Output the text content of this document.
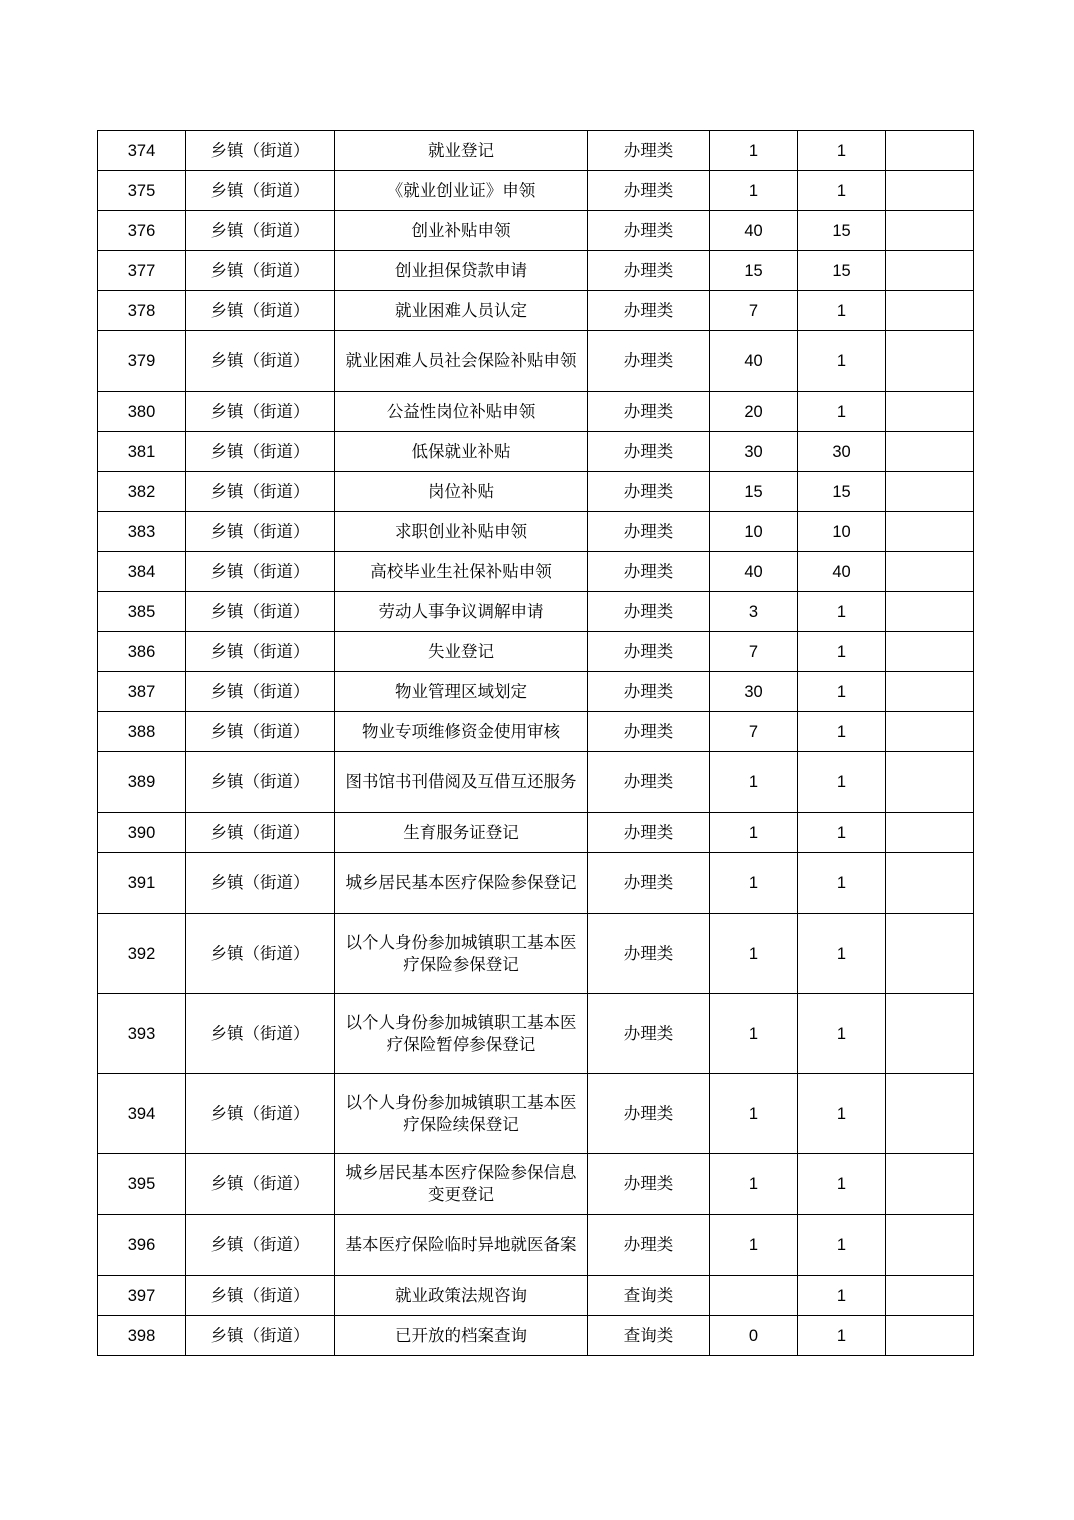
374	乡镇（街道）	就业登记	办理类	1	1	
375	乡镇（街道）	《就业创业证》申领	办理类	1	1	
376	乡镇（街道）	创业补贴申领	办理类	40	15	
377	乡镇（街道）	创业担保贷款申请	办理类	15	15	
378	乡镇（街道）	就业困难人员认定	办理类	7	1	
379	乡镇（街道）	就业困难人员社会保险补贴申领	办理类	40	1	
380	乡镇（街道）	公益性岗位补贴申领	办理类	20	1	
381	乡镇（街道）	低保就业补贴	办理类	30	30	
382	乡镇（街道）	岗位补贴	办理类	15	15	
383	乡镇（街道）	求职创业补贴申领	办理类	10	10	
384	乡镇（街道）	高校毕业生社保补贴申领	办理类	40	40	
385	乡镇（街道）	劳动人事争议调解申请	办理类	3	1	
386	乡镇（街道）	失业登记	办理类	7	1	
387	乡镇（街道）	物业管理区域划定	办理类	30	1	
388	乡镇（街道）	物业专项维修资金使用审核	办理类	7	1	
389	乡镇（街道）	图书馆书刊借阅及互借互还服务	办理类	1	1	
390	乡镇（街道）	生育服务证登记	办理类	1	1	
391	乡镇（街道）	城乡居民基本医疗保险参保登记	办理类	1	1	
392	乡镇（街道）	以个人身份参加城镇职工基本医疗保险参保登记	办理类	1	1	
393	乡镇（街道）	以个人身份参加城镇职工基本医疗保险暂停参保登记	办理类	1	1	
394	乡镇（街道）	以个人身份参加城镇职工基本医疗保险续保登记	办理类	1	1	
395	乡镇（街道）	城乡居民基本医疗保险参保信息变更登记	办理类	1	1	
396	乡镇（街道）	基本医疗保险临时异地就医备案	办理类	1	1	
397	乡镇（街道）	就业政策法规咨询	查询类		1	
398	乡镇（街道）	已开放的档案查询	查询类	0	1	
